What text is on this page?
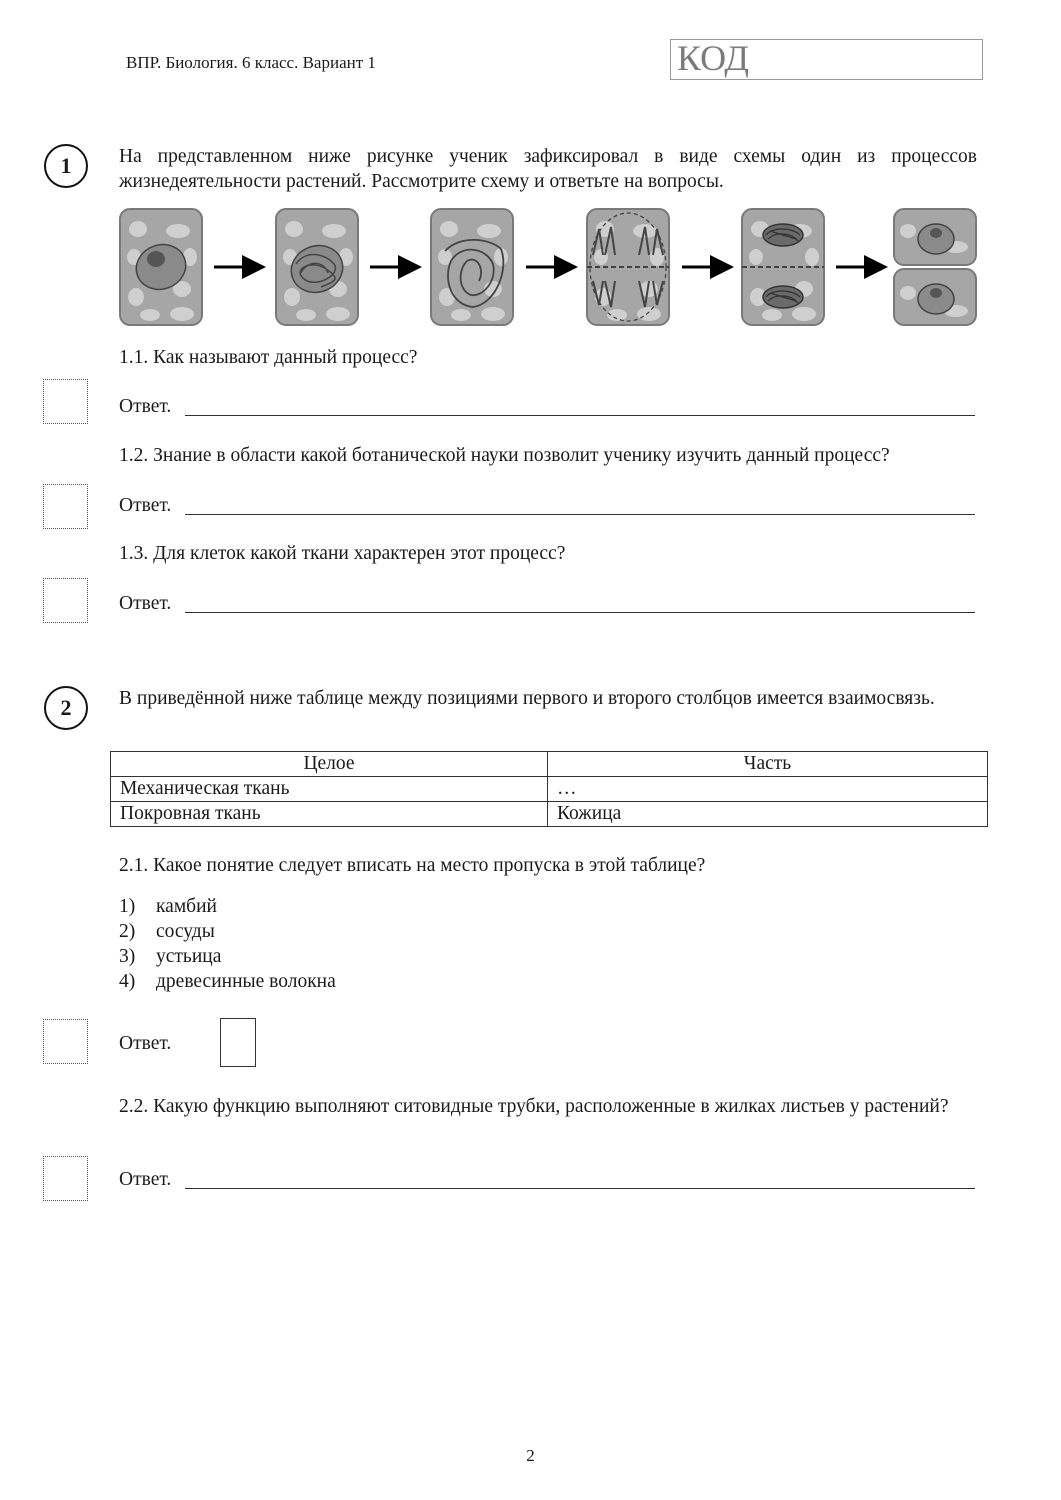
ВПР. Биология. 6 класс. Вариант 1	КОД
1 На представленном ниже рисунке ученик зафиксировал в виде схемы один из процессов жизнедеятельности растений. Рассмотрите схему и ответьте на вопросы.
1.1. Как называют данный процесс?
Ответ.
1.2. Знание в области какой ботанической науки позволит ученику изучить данный процесс?
Ответ.
1.3. Для клеток какой ткани характерен этот процесс?
Ответ.
2 В приведённой ниже таблице между позициями первого и второго столбцов имеется взаимосвязь.
Целое	Часть
Механическая ткань	…
Покровная ткань	Кожица
2.1. Какое понятие следует вписать на место пропуска в этой таблице?
1) камбий
2) сосуды
3) устьица
4) древесинные волокна
Ответ.
2.2. Какую функцию выполняют ситовидные трубки, расположенные в жилках листьев у растений?
Ответ.
2
